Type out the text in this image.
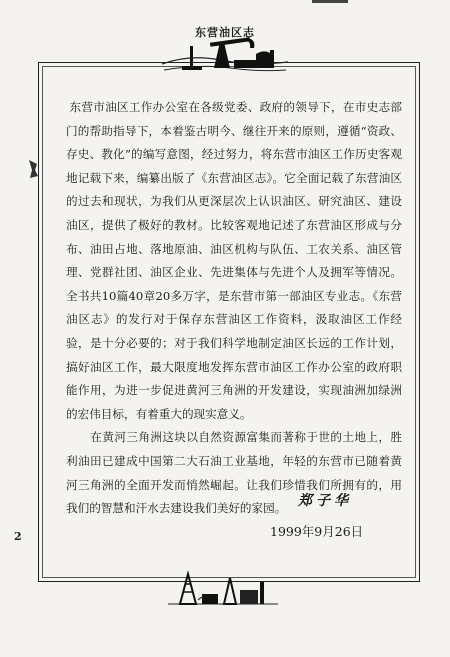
东营油区志

东营市油区工作办公室在各级党委、政府的领导下，在市史志部门的帮助指导下，本着鉴古明今、继往开来的原则，遵循“资政、存史、教化”的编写意图，经过努力，将东营市油区工作历史客观地记载下来，编纂出版了《东营油区志》。它全面记载了东营油区的过去和现状，为我们从更深层次上认识油区、研究油区、建设油区，提供了极好的教材。比较客观地记述了东营油区形成与分布、油田占地、落地原油、油区机构与队伍、工农关系、油区管理、党群社团、油区企业、先进集体与先进个人及拥军等情况。全书共10篇40章20多万字，是东营市第一部油区专业志。《东营油区志》的发行对于保存东营油区工作资料，汲取油区工作经验，是十分必要的；对于我们科学地制定油区长远的工作计划，搞好油区工作，最大限度地发挥东营市油区工作办公室的政府职能作用，为进一步促进黄河三角洲的开发建设，实现油洲加绿洲的宏伟目标，有着重大的现实意义。

在黄河三角洲这块以自然资源富集而著称于世的土地上，胜利油田已建成中国第二大石油工业基地，年轻的东营市已随着黄河三角洲的全面开发而悄然崛起。让我们珍惜我们所拥有的，用我们的智慧和汗水去建设我们美好的家园。 郑子华
1999年9月26日
2
